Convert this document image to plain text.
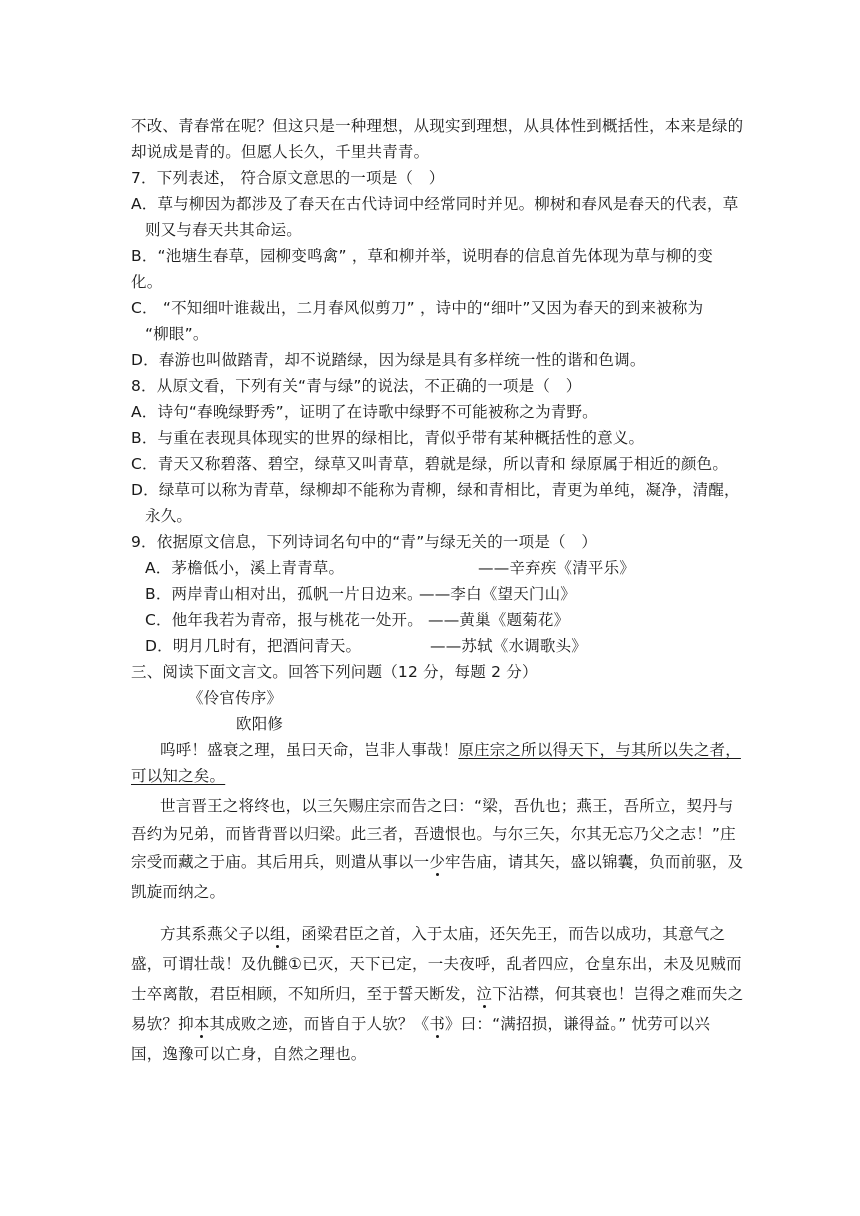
不改、青春常在呢？但这只是一种理想，从现实到理想，从具体性到概括性，本来是绿的
却说成是青的。但愿人长久，千里共青青。
7．下列表述， 符合原文意思的一项是（　）
A．草与柳因为都涉及了春天在古代诗词中经常同时并见。柳树和春风是春天的代表，草
则又与春天共其命运。
B．“池塘生春草，园柳变鸣禽” ，草和柳并举，说明春的信息首先体现为草与柳的变
化。
C． “不知细叶谁裁出，二月春风似剪刀” ，诗中的“细叶”又因为春天的到来被称为
“柳眼”。
D．春游也叫做踏青，却不说踏绿，因为绿是具有多样统一性的谐和色调。
8．从原文看，下列有关“青与绿”的说法，不正确的一项是（　）
A．诗句“春晚绿野秀”，证明了在诗歌中绿野不可能被称之为青野。
B．与重在表现具体现实的世界的绿相比，青似乎带有某种概括性的意义。
C．青天又称碧落、碧空，绿草又叫青草，碧就是绿，所以青和 绿原属于相近的颜色。
D．绿草可以称为青草，绿柳却不能称为青柳，绿和青相比，青更为单纯，凝净，清醒，
永久。
9．依据原文信息，下列诗词名句中的“青”与绿无关的一项是（　）
A．茅檐低小，溪上青青草。	——辛弃疾《清平乐》
B．两岸青山相对出，孤帆一片日边来。
——李白《望天门山》
C．他年我若为青帝，报与桃花一处开。 ——黄巢《题菊花》
D．明月几时有，把酒问青天。	——苏轼《水调歌头》
三、阅读下面文言文。回答下列问题（12 分，每题 2 分）
《伶官传序》
欧阳修
呜呼！盛衰之理，虽曰天命，岂非人事哉！原庄宗之所以得天下，与其所以失之者，
可以知之矣。
世言晋王之将终也，以三矢赐庄宗而告之曰：“梁，吾仇也；燕王，吾所立，契丹与
吾约为兄弟，而皆背晋以归梁。此三者，吾遗恨也。与尔三矢，尔其无忘乃父之志！”庄
宗受而藏之于庙。其后用兵，则遣从事以一少牢告庙，请其矢，盛以锦囊，负而前驱，及
凯旋而纳之。
方其系燕父子以组，函梁君臣之首，入于太庙，还矢先王，而告以成功，其意气之
盛，可谓壮哉！及仇雠①已灭，天下已定，一夫夜呼，乱者四应，仓皇东出，未及见贼而
士卒离散，君臣相顾，不知所归，至于誓天断发，泣下沾襟，何其衰也！岂得之难而失之
易欤？抑本其成败之迹，而皆自于人欤？《书》曰：“满招损，谦得益。” 忧劳可以兴
国，逸豫可以亡身，自然之理也。
